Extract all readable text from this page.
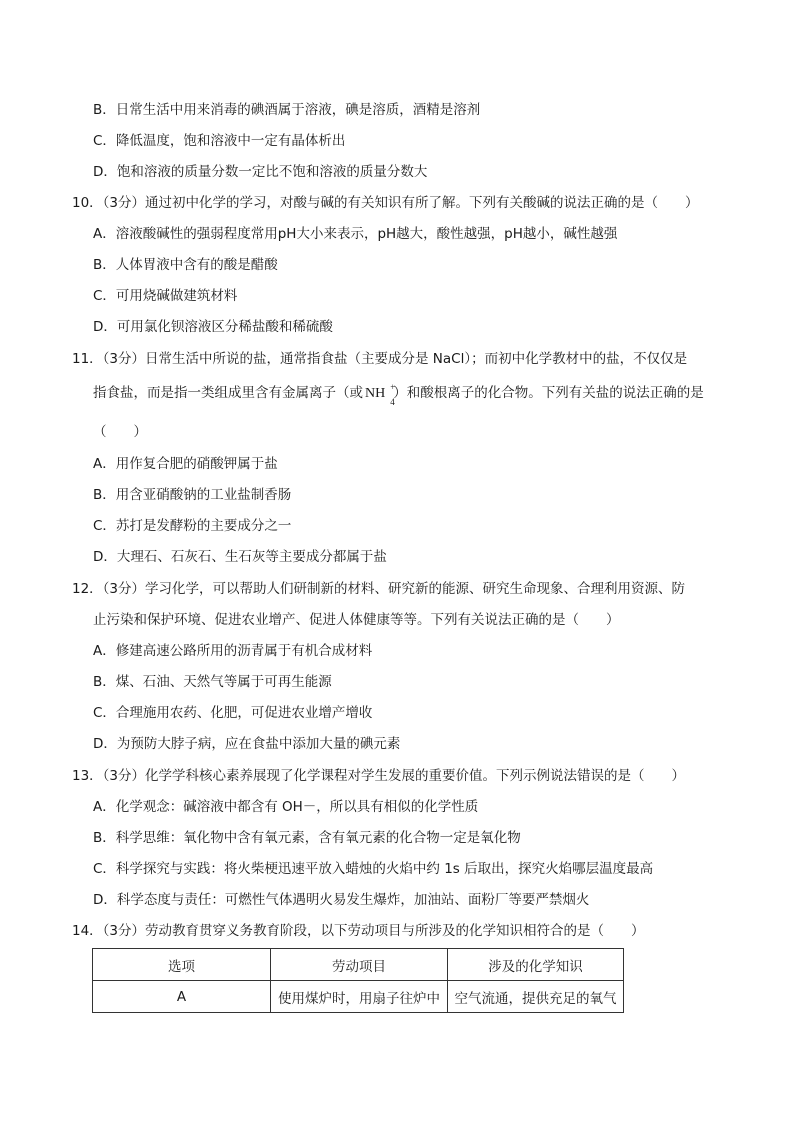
B．日常生活中用来消毒的碘酒属于溶液，碘是溶质，酒精是溶剂
C．降低温度，饱和溶液中一定有晶体析出
D．饱和溶液的质量分数一定比不饱和溶液的质量分数大
10．（3分）通过初中化学的学习，对酸与碱的有关知识有所了解。下列有关酸碱的说法正确的是（　　）
A．溶液酸碱性的强弱程度常用pH大小来表示，pH越大，酸性越强，pH越小，碱性越强
B．人体胃液中含有的酸是醋酸
C．可用烧碱做建筑材料
D．可用氯化钡溶液区分稀盐酸和稀硫酸
11．（3分）日常生活中所说的盐，通常指食盐（主要成分是 NaCl）；而初中化学教材中的盐，不仅仅是
指食盐，而是指一类组成里含有金属离子（或 NH +
4
）和酸根离子的化合物。下列有关盐的说法正确的是
（　　）
A．用作复合肥的硝酸钾属于盐
B．用含亚硝酸钠的工业盐制香肠
C．苏打是发酵粉的主要成分之一
D．大理石、石灰石、生石灰等主要成分都属于盐
12．（3分）学习化学，可以帮助人们研制新的材料、研究新的能源、研究生命现象、合理利用资源、防
止污染和保护环境、促进农业增产、促进人体健康等等。下列有关说法正确的是（　　）
A．修建高速公路所用的沥青属于有机合成材料
B．煤、石油、天然气等属于可再生能源
C．合理施用农药、化肥，可促进农业增产增收
D．为预防大脖子病，应在食盐中添加大量的碘元素
13．（3分）化学学科核心素养展现了化学课程对学生发展的重要价值。下列示例说法错误的是（　　）
A．化学观念：碱溶液中都含有 OH－，所以具有相似的化学性质
B．科学思维：氧化物中含有氧元素，含有氧元素的化合物一定是氧化物
C．科学探究与实践：将火柴梗迅速平放入蜡烛的火焰中约 1s 后取出，探究火焰哪层温度最高
D．科学态度与责任：可燃性气体遇明火易发生爆炸，加油站、面粉厂等要严禁烟火
14．（3分）劳动教育贯穿义务教育阶段，以下劳动项目与所涉及的化学知识相符合的是（　　）
选项	劳动项目	涉及的化学知识
A	使用煤炉时，用扇子往炉中	空气流通，提供充足的氧气
